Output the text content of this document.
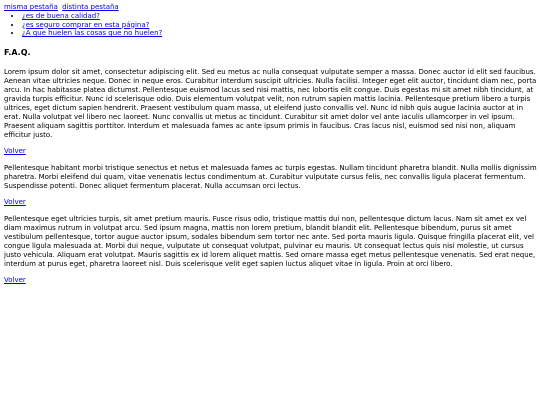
misma pestaña distinta pestaña
• ¿es de buena calidad?
• ¿es seguro comprar en esta página?
• ¿A que huelen las cosas que no huelen?
F.A.Q.

Lorem ipsum dolor sit amet, consectetur adipiscing elit. Sed eu metus ac nulla consequat vulputate semper a massa. Donec auctor id elit sed faucibus. Aenean vitae ultricies neque. Donec in neque eros. Curabitur interdum suscipit ultricies. Nulla facilisi. Integer eget elit auctor, tincidunt diam nec, porta arcu. In hac habitasse platea dictumst. Pellentesque euismod lacus sed nisi mattis, nec lobortis elit congue. Duis egestas mi sit amet nibh tincidunt, at gravida turpis efficitur. Nunc id scelerisque odio. Duis elementum volutpat velit, non rutrum sapien mattis lacinia. Pellentesque pretium libero a turpis ultrices, eget dictum sapien hendrerit. Praesent vestibulum quam massa, ut eleifend justo convallis vel. Nunc id nibh quis augue lacinia auctor at in erat. Nulla volutpat vel libero nec laoreet. Nunc convallis ut metus ac tincidunt. Curabitur sit amet dolor vel ante iaculis ullamcorper in vel ipsum. Praesent aliquam sagittis porttitor. Interdum et malesuada fames ac ante ipsum primis in faucibus. Cras lacus nisl, euismod sed nisi non, aliquam efficitur justo.

Volver

Pellentesque habitant morbi tristique senectus et netus et malesuada fames ac turpis egestas. Nullam tincidunt pharetra blandit. Nulla mollis dignissim pharetra. Morbi eleifend dui quam, vitae venenatis lectus condimentum at. Curabitur vulputate cursus felis, nec convallis ligula placerat fermentum. Suspendisse potenti. Donec aliquet fermentum placerat. Nulla accumsan orci lectus.

Volver

Pellentesque eget ultricies turpis, sit amet pretium mauris. Fusce risus odio, tristique mattis dui non, pellentesque dictum lacus. Nam sit amet ex vel diam maximus rutrum in volutpat arcu. Sed ipsum magna, mattis non lorem pretium, blandit blandit elit. Pellentesque bibendum, purus sit amet vestibulum pellentesque, tortor augue auctor ipsum, sodales bibendum sem tortor nec ante. Sed porta mauris ligula. Quisque fringilla placerat elit, vel congue ligula malesuada at. Morbi dui neque, vulputate ut consequat volutpat, pulvinar eu mauris. Ut consequat lectus quis nisi molestie, ut cursus justo vehicula. Aliquam erat volutpat. Mauris sagittis ex id lorem aliquet mattis. Sed ornare massa eget metus pellentesque venenatis. Sed erat neque, interdum at purus eget, pharetra laoreet nisl. Duis scelerisque velit eget sapien luctus aliquet vitae in ligula. Proin at orci libero.

Volver
